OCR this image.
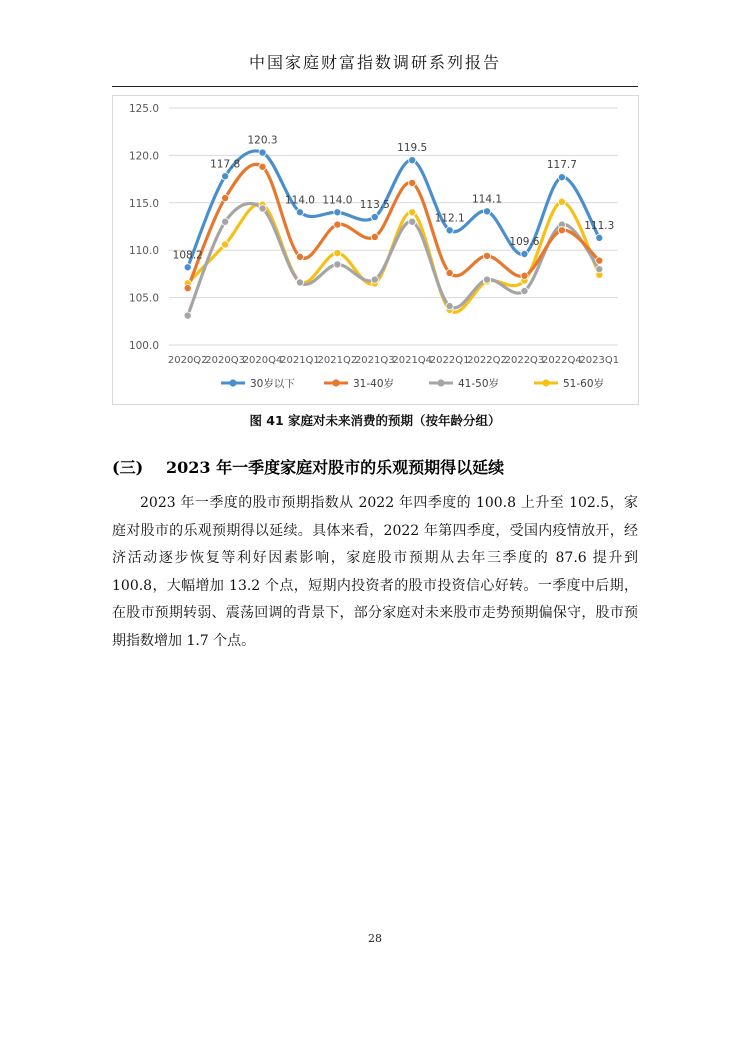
中国家庭财富指数调研系列报告
100.0
105.0
110.0
115.0
120.0
125.0
2020Q2
2020Q3
2020Q4
2021Q1
2021Q2
2021Q3
2021Q4
2022Q1
2022Q2
2022Q3
2022Q4
2023Q1
108.2
117.8
120.3
114.0 114.0 113.5
119.5
112.1
114.1
109.6
117.7
111.3
30岁以下	31-40岁	41-50岁	51-60岁
图 41 家庭对未来消费的预期（按年龄分组）
(三) 2023 年一季度家庭对股市的乐观预期得以延续
2023 年一季度的股市预期指数从 2022 年四季度的 100.8 上升至 102.5，家庭对股市的乐观预期得以延续。具体来看，2022 年第四季度，受国内疫情放开，经济活动逐步恢复等利好因素影响，家庭股市预期从去年三季度的 87.6 提升到 100.8，大幅增加 13.2 个点，短期内投资者的股市投资信心好转。一季度中后期，在股市预期转弱、震荡回调的背景下，部分家庭对未来股市走势预期偏保守，股市预期指数增加 1.7 个点。
28
